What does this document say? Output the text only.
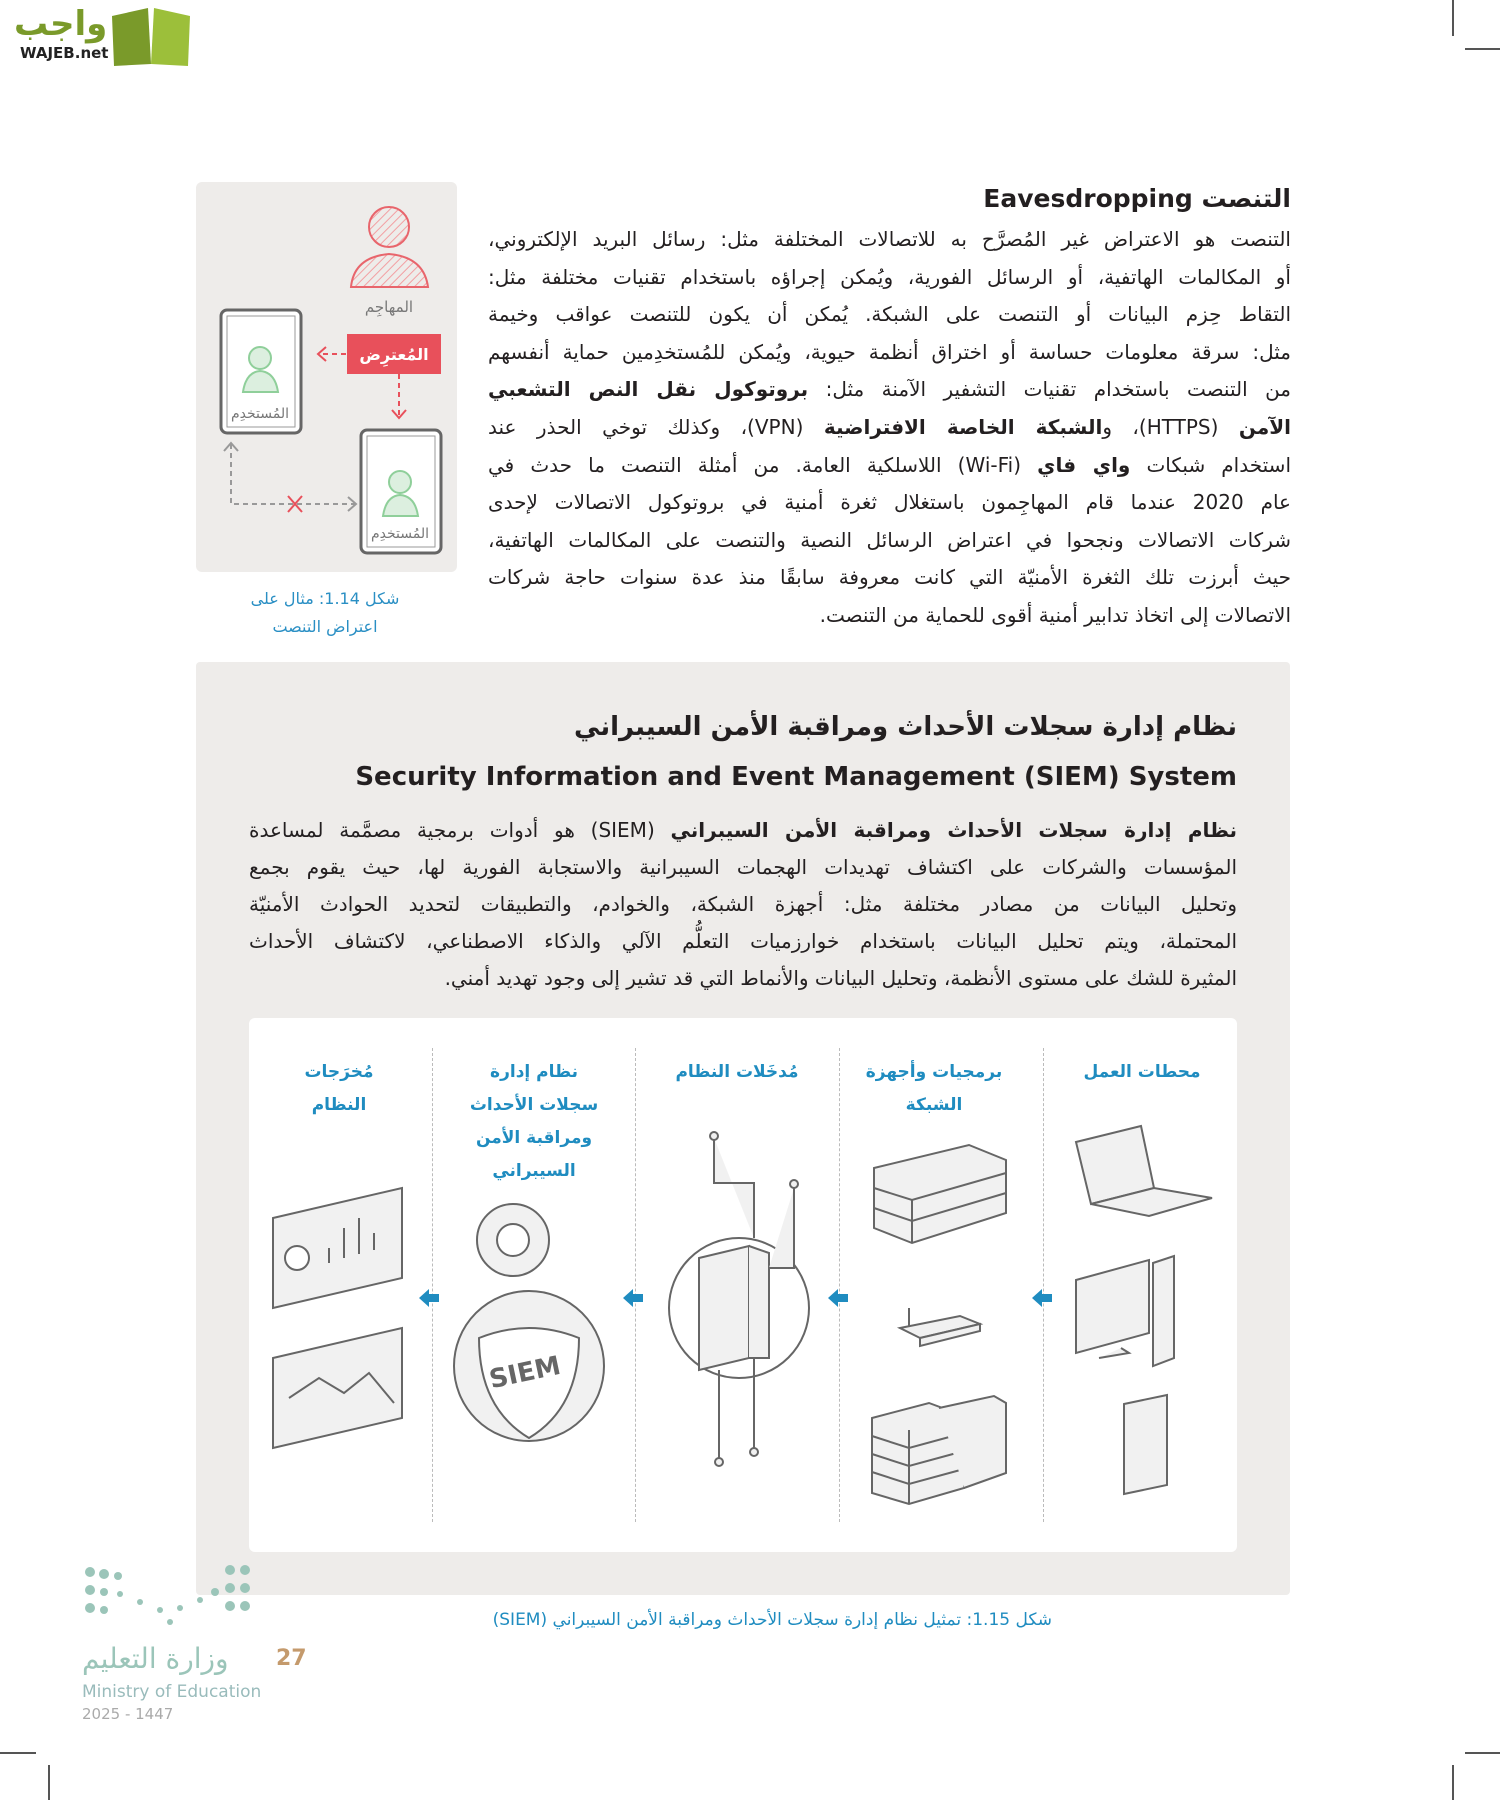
واجب
WAJEB.net
المهاجِم
المُعترِض
المُستخدِم
المُستخدِم
شكل 1.14: مثال على
اعتراض التنصت
التنصت Eavesdropping
التنصت هو الاعتراض غير المُصرَّح به للاتصالات المختلفة مثل: رسائل البريد الإلكتروني،
أو المكالمات الهاتفية، أو الرسائل الفورية، ويُمكن إجراؤه باستخدام تقنيات مختلفة مثل:
التقاط حِزم البيانات أو التنصت على الشبكة. يُمكن أن يكون للتنصت عواقب وخيمة
مثل: سرقة معلومات حساسة أو اختراق أنظمة حيوية، ويُمكن للمُستخدِمين حماية أنفسهم
من التنصت باستخدام تقنيات التشفير الآمنة مثل: بروتوكول نقل النص التشعبي
الآمن (HTTPS)، والشبكة الخاصة الافتراضية (VPN)، وكذلك توخي الحذر عند
استخدام شبكات واي فاي (Wi-Fi) اللاسلكية العامة. من أمثلة التنصت ما حدث في
عام 2020 عندما قام المهاجِمون باستغلال ثغرة أمنية في بروتوكول الاتصالات لإحدى
شركات الاتصالات ونجحوا في اعتراض الرسائل النصية والتنصت على المكالمات الهاتفية،
حيث أبرزت تلك الثغرة الأمنيّة التي كانت معروفة سابقًا منذ عدة سنوات حاجة شركات
الاتصالات إلى اتخاذ تدابير أمنية أقوى للحماية من التنصت.
نظام إدارة سجلات الأحداث ومراقبة الأمن السيبراني
Security Information and Event Management (SIEM) System
نظام إدارة سجلات الأحداث ومراقبة الأمن السيبراني (SIEM) هو أدوات برمجية مصمَّمة لمساعدة
المؤسسات والشركات على اكتشاف تهديدات الهجمات السيبرانية والاستجابة الفورية لها، حيث يقوم بجمع
وتحليل البيانات من مصادر مختلفة مثل: أجهزة الشبكة، والخوادم، والتطبيقات لتحديد الحوادث الأمنيّة
المحتملة، ويتم تحليل البيانات باستخدام خوارزميات التعلُّم الآلي والذكاء الاصطناعي، لاكتشاف الأحداث
المثيرة للشك على مستوى الأنظمة، وتحليل البيانات والأنماط التي قد تشير إلى وجود تهديد أمني.
محطات العمل
برمجيات وأجهزة الشبكة
مُدخَلات النظام
نظام إدارة سجلات الأحداث ومراقبة الأمن السيبراني
مُخرَجات النظام
SIEM
شكل 1.15: تمثيل نظام إدارة سجلات الأحداث ومراقبة الأمن السيبراني (SIEM)
وزارة التعليم
Ministry of Education
2025 - 1447
27
